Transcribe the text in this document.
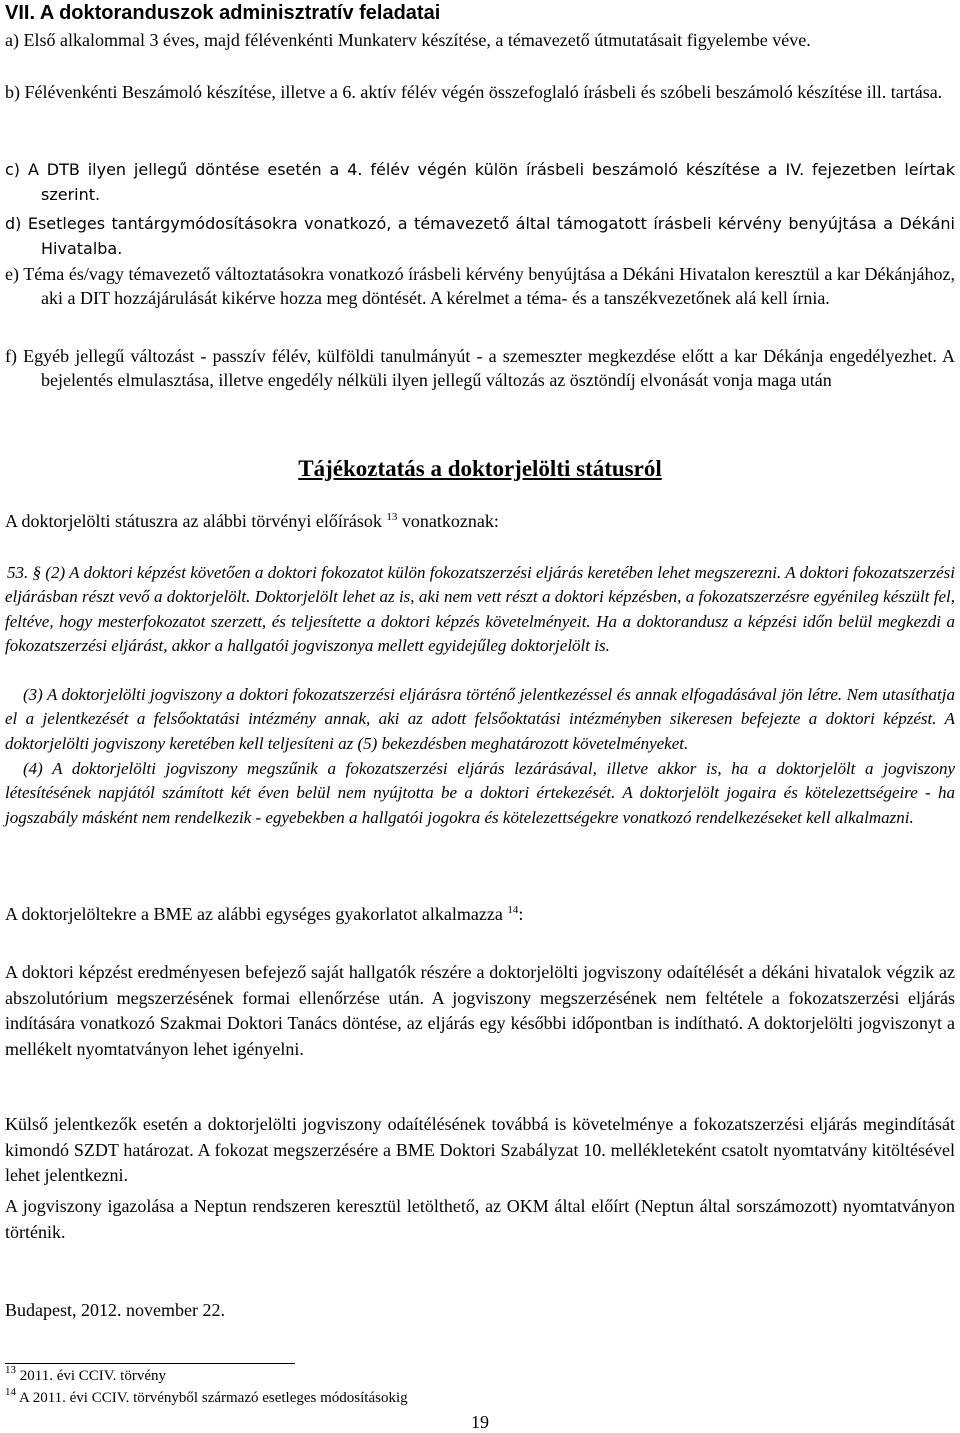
VII. A doktoranduszok adminisztratív feladatai
a) Első alkalommal 3 éves, majd félévenkénti Munkaterv készítése, a témavezető útmutatásait figyelembe véve.
b) Félévenkénti Beszámoló készítése, illetve a 6. aktív félév végén összefoglaló írásbeli és szóbeli beszámoló készítése ill. tartása.
c) A DTB ilyen jellegű döntése esetén a 4. félév végén külön írásbeli beszámoló készítése a IV. fejezetben leírtak szerint.
d) Esetleges tantárgymódosításokra vonatkozó, a témavezető által támogatott írásbeli kérvény benyújtása a Dékáni Hivatalba.
e) Téma és/vagy témavezető változtatásokra vonatkozó írásbeli kérvény benyújtása a Dékáni Hivatalon keresztül a kar Dékánjához, aki a DIT hozzájárulását kikérve hozza meg döntését. A kérelmet a téma- és a tanszékvezetőnek alá kell írnia.
f) Egyéb jellegű változást - passzív félév, külföldi tanulmányút - a szemeszter megkezdése előtt a kar Dékánja engedélyezhet. A bejelentés elmulasztása, illetve engedély nélküli ilyen jellegű változás az ösztöndíj elvonását vonja maga után
Tájékoztatás a doktorjelölti státusról
A doktorjelölti státuszra az alábbi törvényi előírások $^{13}$ vonatkoznak:
53. § (2) A doktori képzést követően a doktori fokozatot külön fokozatszerzési eljárás keretében lehet megszerezni. A doktori fokozatszerzési eljárásban részt vevő a doktorjelölt. Doktorjelölt lehet az is, aki nem vett részt a doktori képzésben, a fokozatszerzésre egyénileg készült fel, feltéve, hogy mesterfokozatot szerzett, és teljesítette a doktori képzés követelményeit. Ha a doktorandusz a képzési időn belül megkezdi a fokozatszerzési eljárást, akkor a hallgatói jogviszonya mellett egyidejűleg doktorjelölt is.
(3) A doktorjelölti jogviszony a doktori fokozatszerzési eljárásra történő jelentkezéssel és annak elfogadásával jön létre. Nem utasíthatja el a jelentkezését a felsőoktatási intézmény annak, aki az adott felsőoktatási intézményben sikeresen befejezte a doktori képzést. A doktorjelölti jogviszony keretében kell teljesíteni az (5) bekezdésben meghatározott követelményeket.
(4) A doktorjelölti jogviszony megszűnik a fokozatszerzési eljárás lezárásával, illetve akkor is, ha a doktorjelölt a jogviszony létesítésének napjától számított két éven belül nem nyújtotta be a doktori értekezését. A doktorjelölt jogaira és kötelezettségeire - ha jogszabály másként nem rendelkezik - egyebekben a hallgatói jogokra és kötelezettségekre vonatkozó rendelkezéseket kell alkalmazni.
A doktorjelöltekre a BME az alábbi egységes gyakorlatot alkalmazza $^{14}$:
A doktori képzést eredményesen befejező saját hallgatók részére a doktorjelölti jogviszony odaítélését a dékáni hivatalok végzik az abszolutórium megszerzésének formai ellenőrzése után. A jogviszony megszerzésének nem feltétele a fokozatszerzési eljárás indítására vonatkozó Szakmai Doktori Tanács döntése, az eljárás egy későbbi időpontban is indítható. A doktorjelölti jogviszonyt a mellékelt nyomtatványon lehet igényelni.
Külső jelentkezők esetén a doktorjelölti jogviszony odaítélésének továbbá is követelménye a fokozatszerzési eljárás megindítását kimondó SZDT határozat. A fokozat megszerzésére a BME Doktori Szabályzat 10. mellékleteként csatolt nyomtatvány kitöltésével lehet jelentkezni.
A jogviszony igazolása a Neptun rendszeren keresztül letölthető, az OKM által előírt (Neptun által sorszámozott) nyomtatványon történik.
Budapest, 2012. november 22.
$^{13}$ 2011. évi CCIV. törvény
$^{14}$ A 2011. évi CCIV. törvényből származó esetleges módosításokig
19
